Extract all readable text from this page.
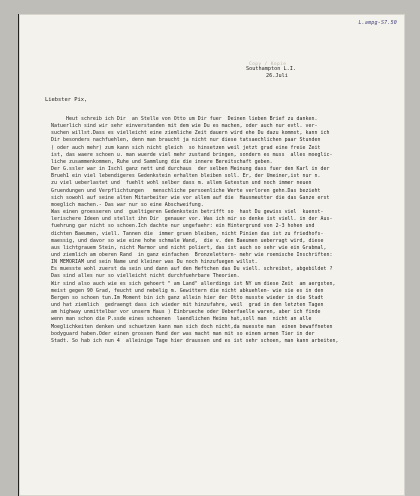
L.ampg-S7.50
Copy / Kopie
Southampton L.I.
26.Juli
Liebster Pix,
Heut schreib ich Dir  an Stelle von Otto um Dir fuer  Deinen lieben Brief zu danken.
Natuerlich sind wir sehr einverstanden mit dem wie Du es machen, oder auch nur evtl. ver-
suchen willst.Dass es vielleicht eine ziemliche Zeit dauern wird ehe Du dazu kommst, kann ich
Dir besonders nachfuehlen, denn man braucht ja nicht nur diese tatsaechlichen paar Stunden
( oder auch mehr) zum kann sich nicht gleich  so hinsetzen weil jetzt grad eine freie Zeit
ist, das waere schoen u. man wuerde viel mehr zustand bringen, sondern es muss  alles moeglic-
liche zusammenkommen, Ruhe und Sammlung die die innere Bereitschaft geben.
Der G.ssler war in Ischl ganz nett und durchaus  der selben Meinung dass fuer den Karl in der
Brueh1 ein viel lebendigeres Gedenkstein erhalten bleiben soll. Er, der Umeiner,ist nur n.
zu viel ueberlastet und  fuehlt wohl selber dass m. allem Gutestun und noch immer neuen
Gruendungen und Verpflichtungen   menschliche persoenliche Werte verloren gehn.Das bezieht
sich sowohl auf seine alten Mitarbeiter wie vor allem auf die  Hausmeutter die das Ganze erst
moeglich machen.- Das war nur so eine Abschweifung.
Was einen groesseren und  gueltigeren Gedenkstein betrifft so  hast Du gewiss viel  kuenst-
lerischere Ideen und stellst ihn Dir  genauer vor. Was ich mir so denke ist viell. in der Aus-
fuehrung gar nicht so schoen.Ich dachte nur ungefaehr: ein Hintergrund von 2-3 hohen und
dichten Baeumen, viell. Tannen die  immer gruen bleiben, nicht Pinien das ist zu friedhofs-
maessig, und davor so wie eine hohe schmale Wand,  die v. den Baeumen ueberragt wird, diese
aus lichtgrauem Stein, nicht Marmor und nicht poliert, das ist auch so sehr wie ein Grabmal,
und ziemlich am oberen Rand  in ganz einfachen  Bronzelettern- mehr wie roemische Inschriften:
IN MEMORIAM und sein Name und kleiner was Du noch hinzufuegen willst.
Es muesste wohl zuerst da sein und dann auf den Heftchen das Du viell. schreibst, abgebildet ?
Das sind alles nur so vielleicht nicht durchfuehrbare Theorien.
Wir sind also auch wie es sich gehoert " am Land" allerdings ist NY um diese Zeit  am aergsten,
meist gegen 90 Grad, feucht und nebelig m. Gewittern die nicht abkuehlen- wie sie es in den
Bergen so schoen tun.Im Moment bin ich ganz allein hier der Otto musste wieder in die Stadt
und hat ziemlich  gedraengt dass ich wieder mit hinzufahre, weil  grad in den letzten Tagen
am highway unmittelbar vor unserm Haus ) Einbrueche oder Ueberfaelle waren, aber ich finde
wenn man schon die P.ssde eines schoenen  laendlichen Heims hat,soll man  nicht an alle
Moeglichkeiten denken und schuetzen kann man sich doch nicht,da muesste man  einen bewaffneten
bodyguard haben.Oder einen grossen Hund der was macht man mit so einem armen Tier in der
Stadt. So hab ich nun 4  alleinige Tage hier draussen und es ist sehr schoen, man kann arbeiten,
